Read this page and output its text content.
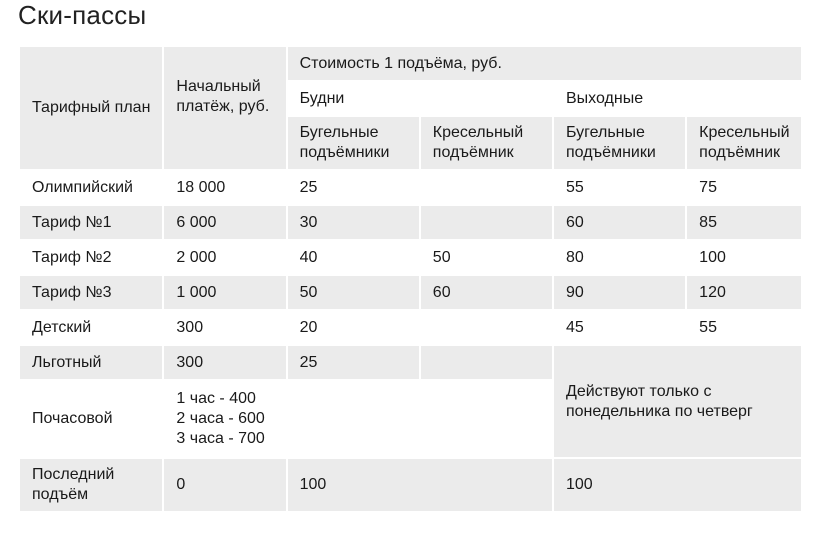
Ски-пассы
Тарифный план	Начальный платёж, руб.	Стоимость 1 подъёма, руб.			
		Будни		Выходные	
		Бугельные подъёмники	Кресельный подъёмник	Бугельные подъёмники	Кресельный подъёмник
Олимпийский	18 000	25		55	75
Тариф №1	6 000	30		60	85
Тариф №2	2 000	40	50	80	100
Тариф №3	1 000	50	60	90	120
Детский	300	20		45	55
Льготный	300	25		Действуют только с понедельника по четверг	
Почасовой	1 час - 400
2 часа - 600
3 часа - 700				

Последний подъём	0	100		100	
